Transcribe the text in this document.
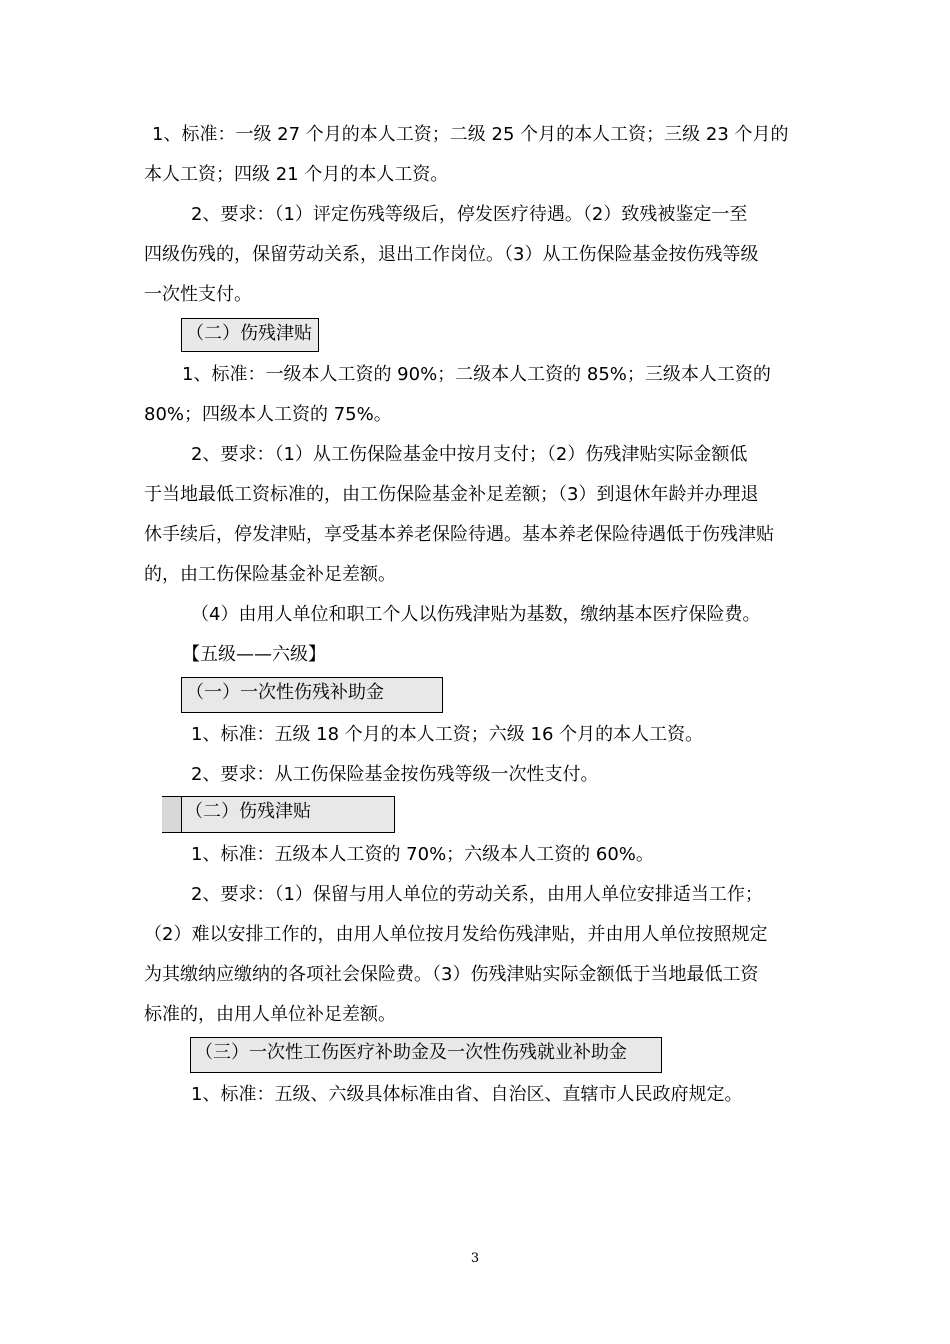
1、标准：一级 27 个月的本人工资；二级 25 个月的本人工资；三级 23 个月的
本人工资；四级 21 个月的本人工资。
2、要求：（1）评定伤残等级后，停发医疗待遇。（2）致残被鉴定一至
四级伤残的，保留劳动关系，退出工作岗位。（3）从工伤保险基金按伤残等级
一次性支付。
（二）伤残津贴
1、标准：一级本人工资的 90%；二级本人工资的 85%；三级本人工资的
80%；四级本人工资的 75%。
2、要求：（1）从工伤保险基金中按月支付；（2）伤残津贴实际金额低
于当地最低工资标准的，由工伤保险基金补足差额；（3）到退休年龄并办理退
休手续后，停发津贴，享受基本养老保险待遇。基本养老保险待遇低于伤残津贴
的，由工伤保险基金补足差额。
（4）由用人单位和职工个人以伤残津贴为基数，缴纳基本医疗保险费。
【五级——六级】
（一）一次性伤残补助金
1、标准：五级 18 个月的本人工资；六级 16 个月的本人工资。
2、要求：从工伤保险基金按伤残等级一次性支付。
（二）伤残津贴
1、标准：五级本人工资的 70%；六级本人工资的 60%。
2、要求：（1）保留与用人单位的劳动关系，由用人单位安排适当工作；
（2）难以安排工作的，由用人单位按月发给伤残津贴，并由用人单位按照规定
为其缴纳应缴纳的各项社会保险费。（3）伤残津贴实际金额低于当地最低工资
标准的，由用人单位补足差额。
（三）一次性工伤医疗补助金及一次性伤残就业补助金
1、标准：五级、六级具体标准由省、自治区、直辖市人民政府规定。
3
